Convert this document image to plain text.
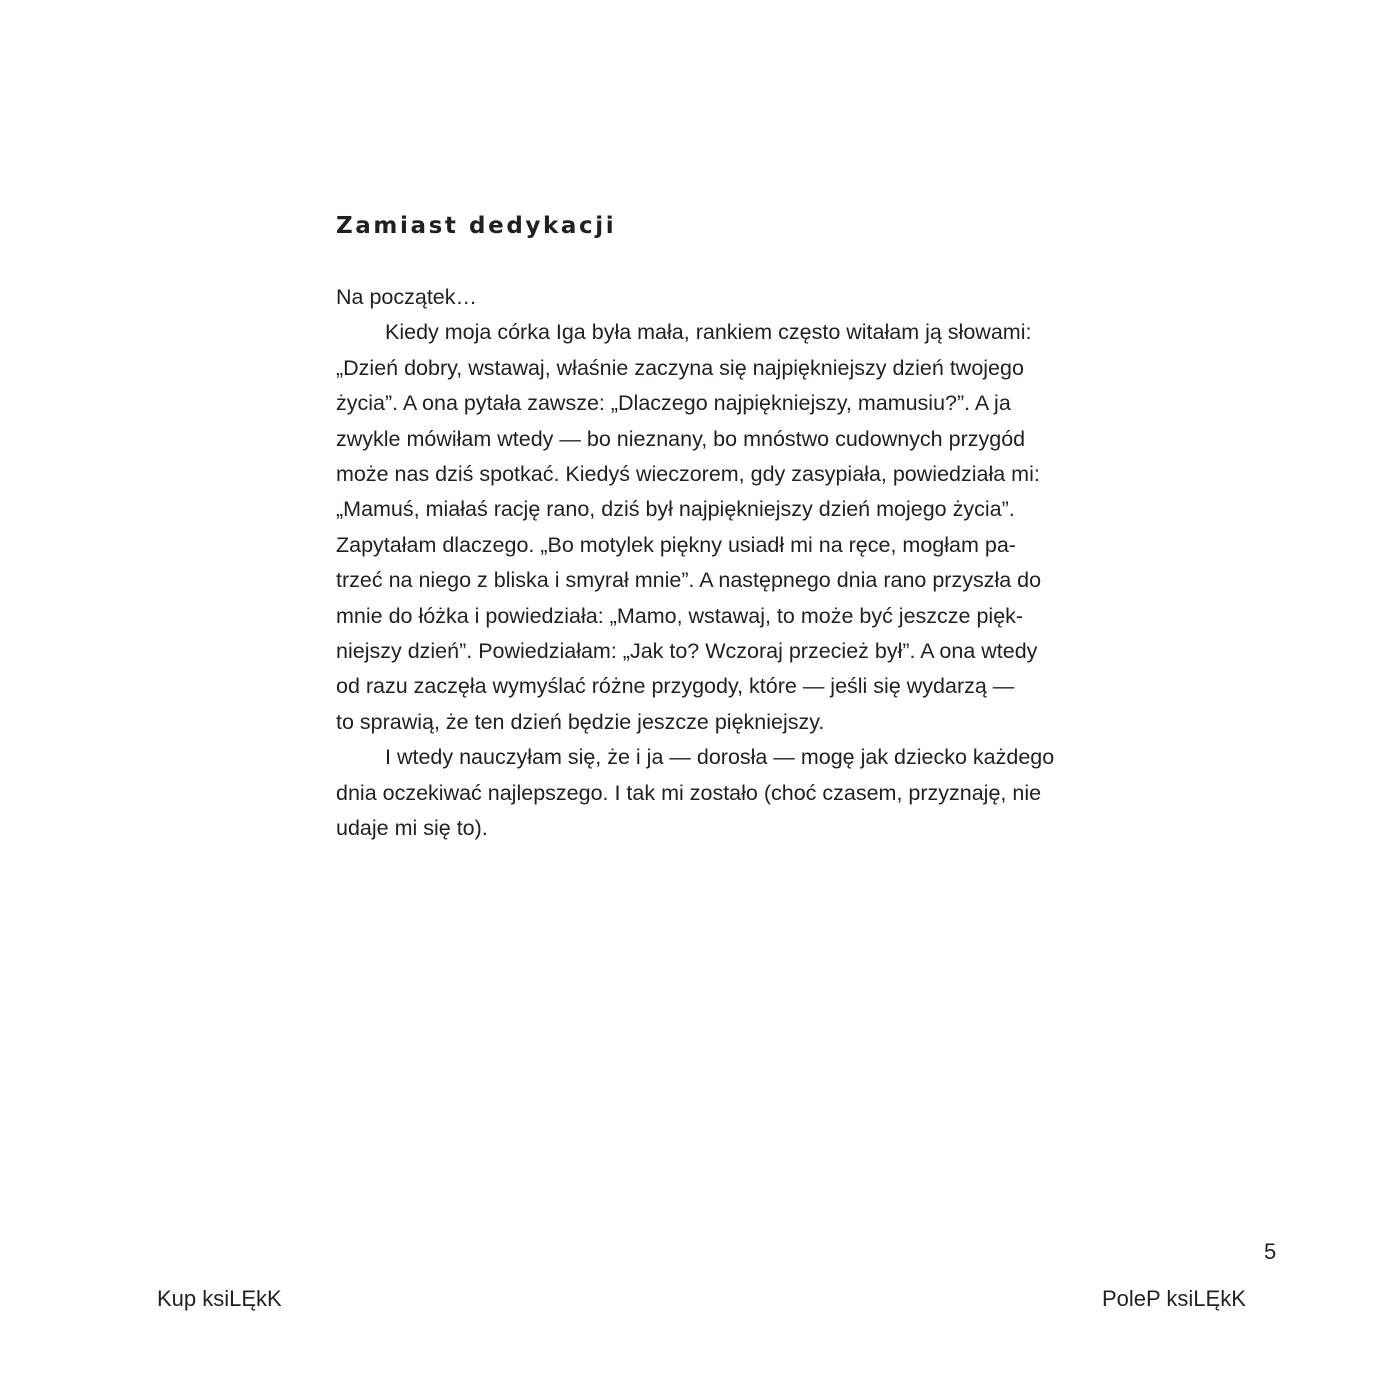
Zamiast dedykacji
Na początek…
Kiedy moja córka Iga była mała, rankiem często witałam ją słowami:
„Dzień dobry, wstawaj, właśnie zaczyna się najpiękniejszy dzień twojego
życia”. A ona pytała zawsze: „Dlaczego najpiękniejszy, mamusiu?”. A ja
zwykle mówiłam wtedy — bo nieznany, bo mnóstwo cudownych przygód
może nas dziś spotkać. Kiedyś wieczorem, gdy zasypiała, powiedziała mi:
„Mamuś, miałaś rację rano, dziś był najpiękniejszy dzień mojego życia”.
Zapytałam dlaczego. „Bo motylek piękny usiadł mi na ręce, mogłam pa-
trzeć na niego z bliska i smyrał mnie”. A następnego dnia rano przyszła do
mnie do łóżka i powiedziała: „Mamo, wstawaj, to może być jeszcze pięk-
niejszy dzień”. Powiedziałam: „Jak to? Wczoraj przecież był”. A ona wtedy
od razu zaczęła wymyślać różne przygody, które — jeśli się wydarzą —
to sprawią, że ten dzień będzie jeszcze piękniejszy.
I wtedy nauczyłam się, że i ja — dorosła — mogę jak dziecko każdego
dnia oczekiwać najlepszego. I tak mi zostało (choć czasem, przyznaję, nie
udaje mi się to).
5
Kup ksiLĘkK	PoleP ksiLĘkK
